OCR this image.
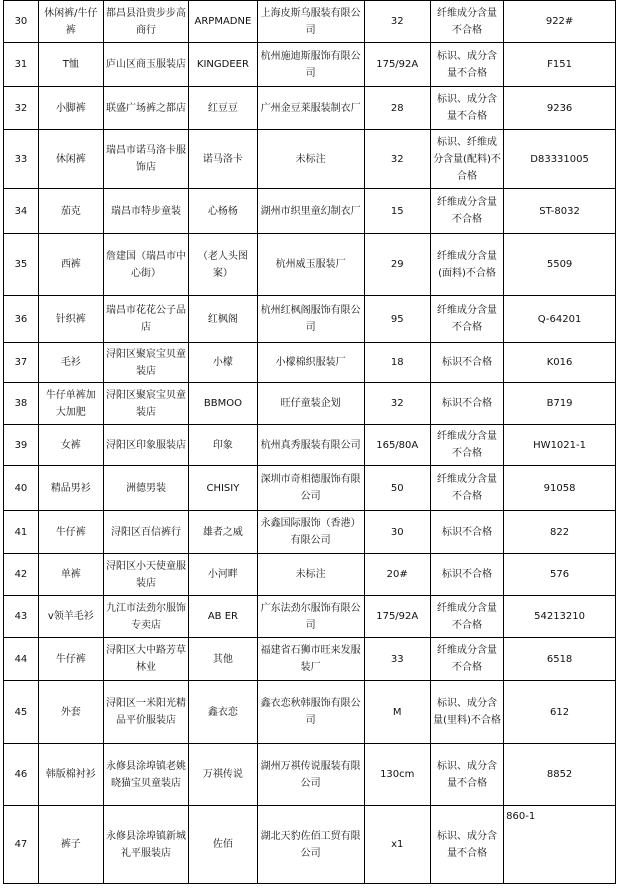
30	休闲裤/牛仔裤	都昌县沿贵步步高商行	ARPMADNE	上海皮斯乌服装有限公司	32	纤维成分含量不合格	922#
31	T恤	庐山区商玉服装店	KINGDEER	杭州施迪斯服饰有限公司	175/92A	标识、成分含量不合格	F151
32	小脚裤	联盛广场裤之都店	红豆豆	广州金豆莱服装制衣厂	28	标识、成分含量不合格	9236
33	休闲裤	瑞昌市诺马洛卡服饰店	诺马洛卡	未标注	32	标识、纤维成分含量(配料)不合格	D83331005
34	茄克	瑞昌市特步童装	心杨杨	湖州市织里童幻制衣厂	15	纤维成分含量不合格	ST-8032
35	西裤	詹建国（瑞昌市中心街）	（老人头图案）	杭州威玉服装厂	29	纤维成分含量(面料)不合格	5509
36	针织裤	瑞昌市花花公子品店	红枫阁	杭州红枫阁服饰有限公司	95	纤维成分含量不合格	Q-64201
37	毛衫	浔阳区聚宸宝贝童装店	小檬	小檬棉织服装厂	18	标识不合格	K016
38	牛仔单裤加大加肥	浔阳区聚宸宝贝童装店	BBMOO	旺仔童装企划	32	标识不合格	B719
39	女裤	浔阳区印象服装店	印象	杭州真秀服装有限公司	165/80A	纤维成分含量不合格	HW1021-1
40	精品男衫	洲德男装	CHISIY	深圳市奇相德服饰有限公司	50	纤维成分含量不合格	91058
41	牛仔裤	浔阳区百信裤行	雄者之威	永鑫国际服饰（香港）有限公司	30	标识不合格	822
42	单裤	浔阳区小天使童服装店	小河畔	未标注	20#	标识不合格	576
43	v领羊毛衫	九江市法劲尔服饰专卖店	AB ER	广东法劲尔服饰有限公司	175/92A	纤维成分含量不合格	54213210
44	牛仔裤	浔阳区大中路芳草林业	其他	福建省石狮市旺来发服装厂	33	纤维成分含量不合格	6518
45	外套	浔阳区一米阳光精品平价服装店	鑫衣恋	鑫衣恋秋韩服饰有限公司	M	标识、成分含量(里料)不合格	612
46	韩版棉衬衫	永修县涂埠镇老姚晓猫宝贝童装店	万祺传说	湖州万祺传说服装有限公司	130cm	标识、成分含量不合格	8852
47	裤子	永修县涂埠镇新城礼平服装店	佐佰	湖北天豹佐佰工贸有限公司	x1	标识、成分含量不合格	860-1
